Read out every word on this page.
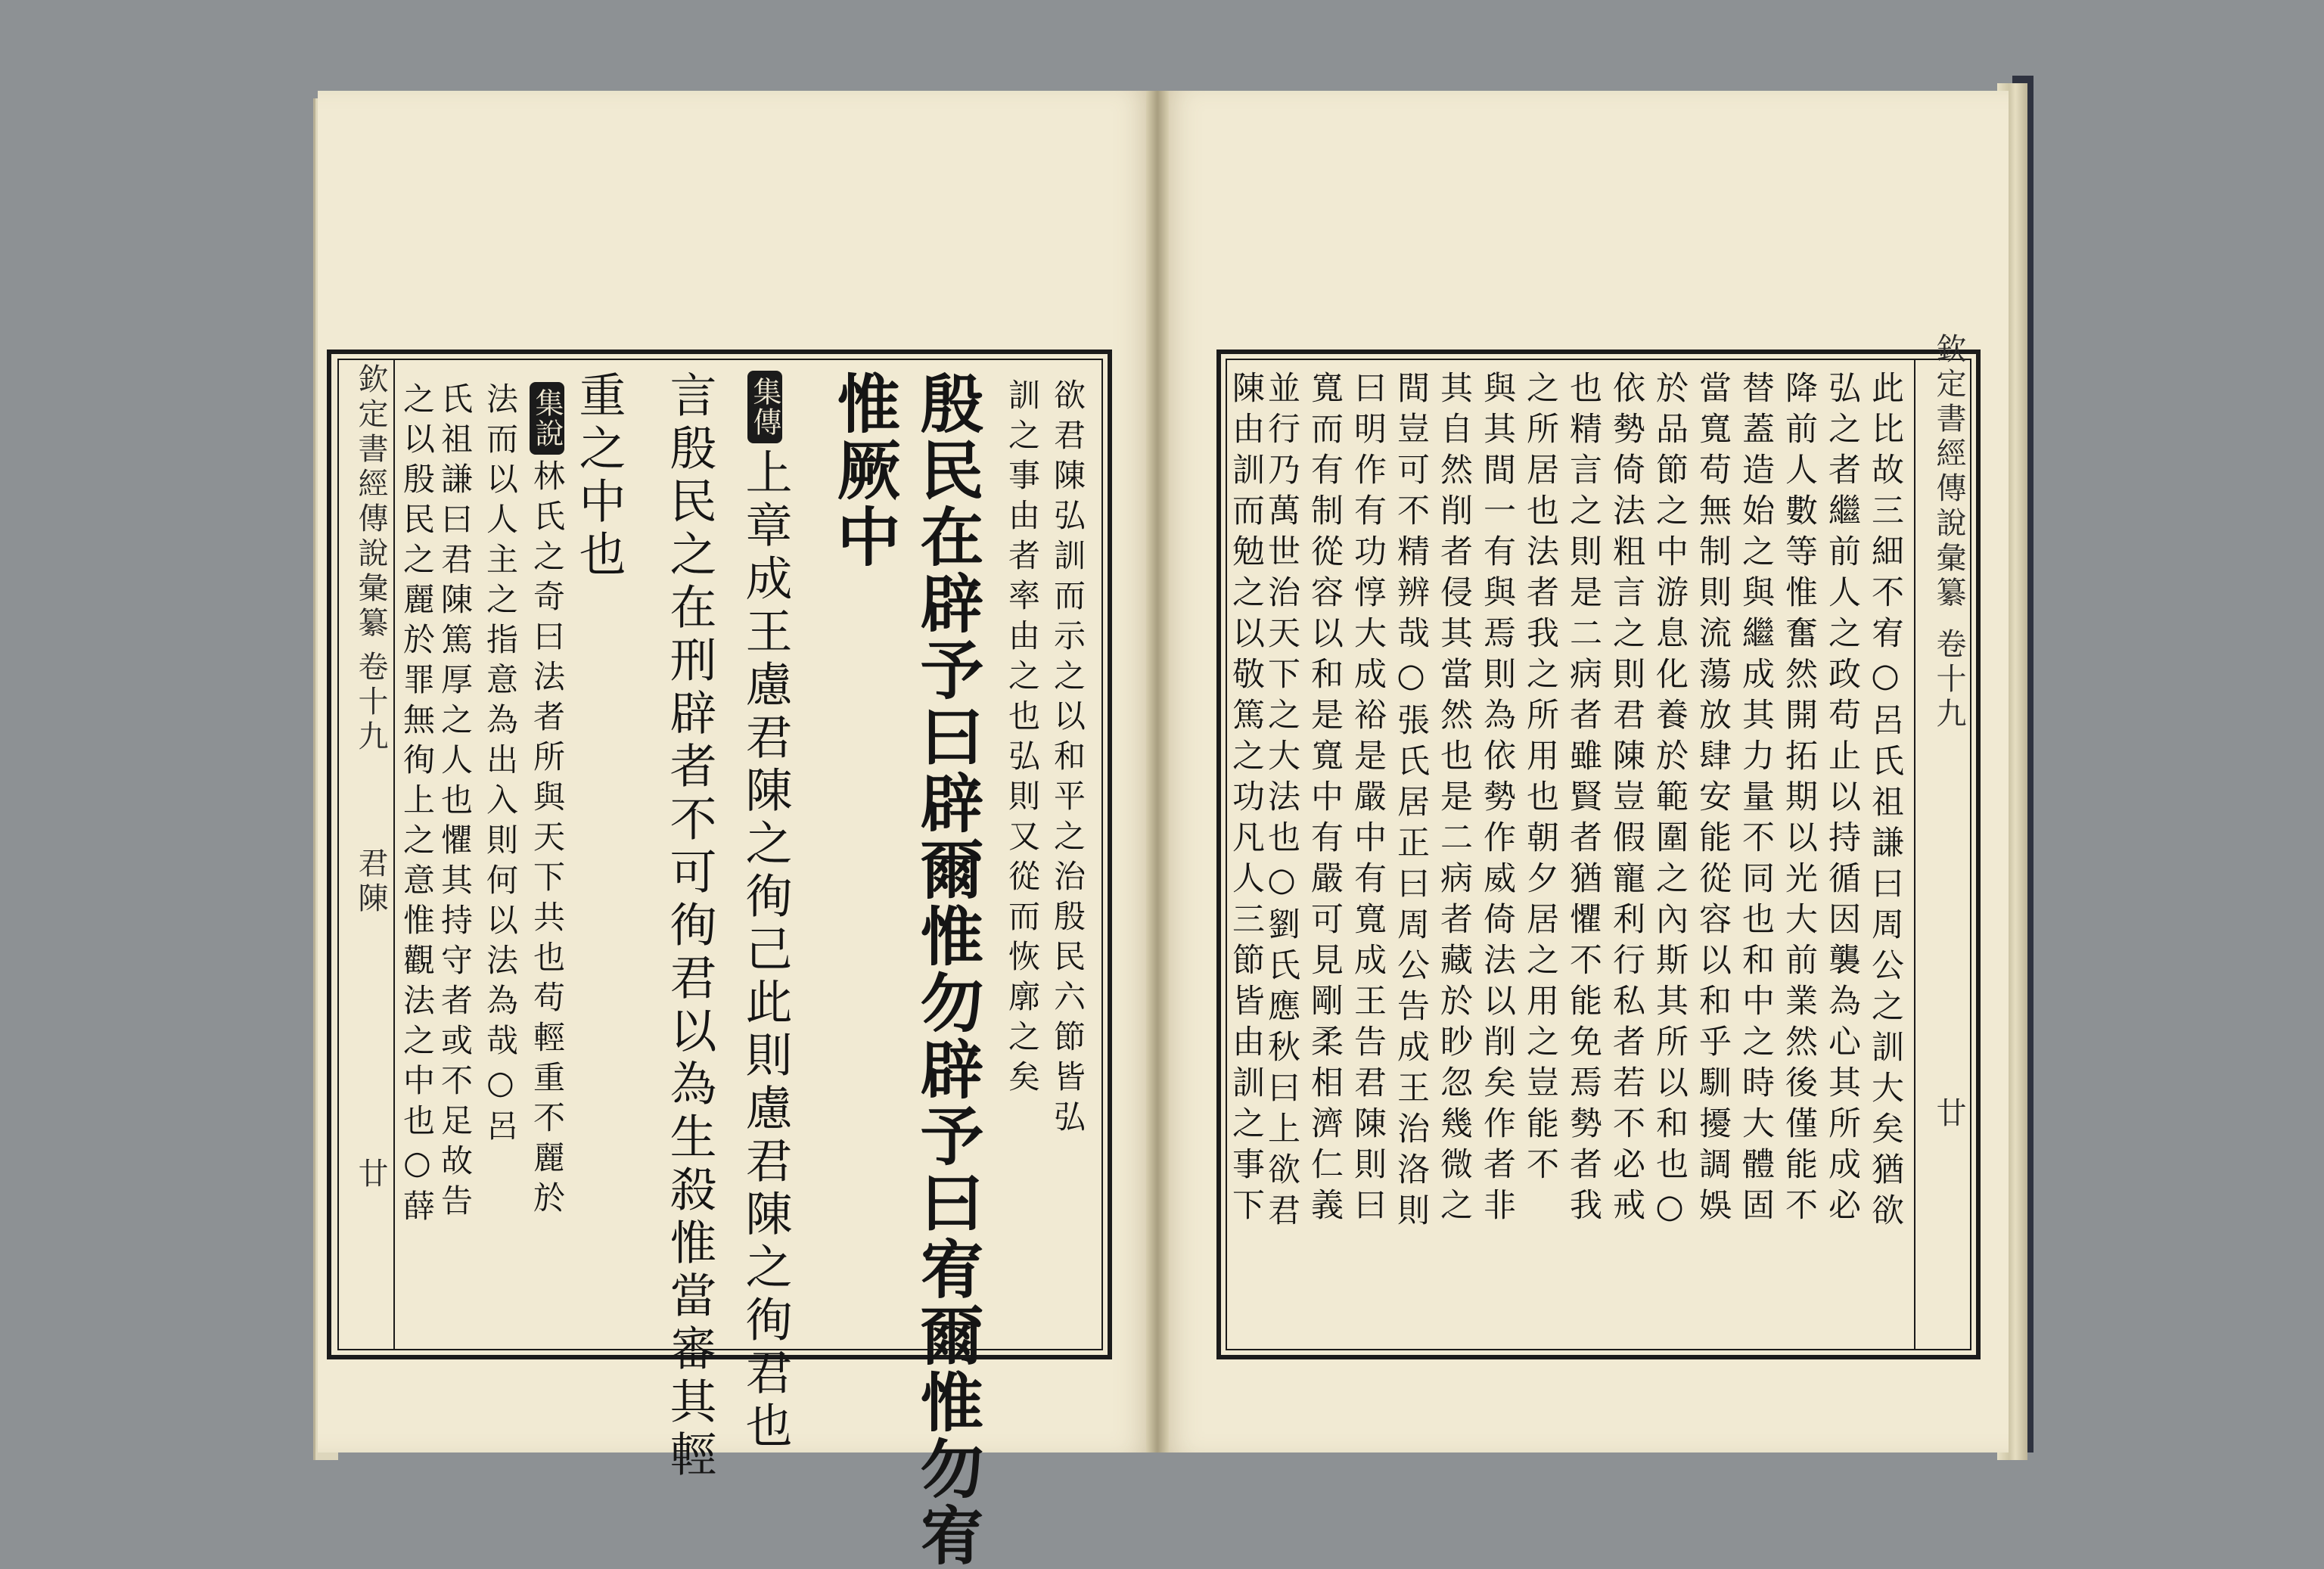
欽定書經傳說彙纂
卷十九
君陳
廿
集說林氏之奇曰法者所與天下共也苟輕重不麗於
法而以人主之指意為出入則何以法為哉○呂
氏祖謙曰君陳篤厚之人也懼其持守者或不足故告
之以殷民之麗於罪無徇上之意惟觀法之中也○薛	集傳上章成王慮君陳之徇己此則慮君陳之徇君也
言殷民之在刑辟者不可徇君以為生殺惟當審其輕
重之中也	殷民在辟予曰辟爾惟勿辟予曰宥爾惟勿宥
惟厥中	欲君陳弘訓而示之以和平之治殷民六節皆弘
訓之事由者率由之也弘則又從而恢廓之矣	欽定書經傳說彙纂
卷十九
廿
此比故三細不宥○呂氏祖謙曰周公之訓大矣猶欲
弘之者繼前人之政苟止以持循因襲為心其所成必
降前人數等惟奮然開拓期以光大前業然後僅能不
替蓋造始之與繼成其力量不同也和中之時大體固
當寬苟無制則流蕩放肆安能從容以和乎馴擾調娛
於品節之中游息化養於範圍之內斯其所以和也○
依勢倚法粗言之則君陳豈假寵利行私者若不必戒
也精言之則是二病者雖賢者猶懼不能免焉勢者我
之所居也法者我之所用也朝夕居之用之豈能不
與其間一有與焉則為依勢作威倚法以削矣作者非
其自然削者侵其當然也是二病者藏於眇忽幾微之
間豈可不精辨哉○張氏居正曰周公告成王治洛則
曰明作有功惇大成裕是嚴中有寬成王告君陳則曰
寬而有制從容以和是寬中有嚴可見剛柔相濟仁義
並行乃萬世治天下之大法也○劉氏應秋曰上欲君
陳由訓而勉之以敬篤之功凡人三節皆由訓之事下
